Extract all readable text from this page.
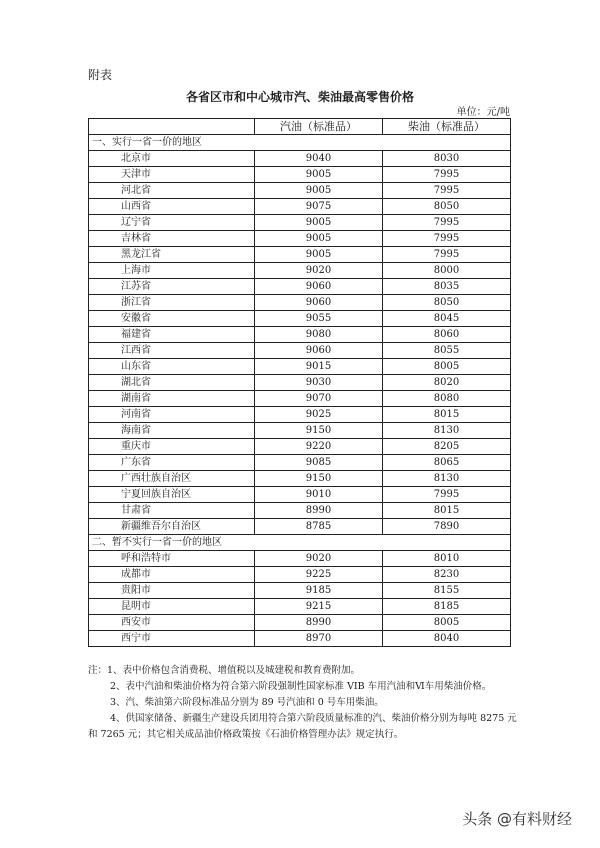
附表
各省区市和中心城市汽、柴油最高零售价格
单位：元/吨
	汽油（标准品）	柴油（标准品）
一、实行一省一价的地区		
北京市	9040	8030
天津市	9005	7995
河北省	9005	7995
山西省	9075	8050
辽宁省	9005	7995
吉林省	9005	7995
黑龙江省	9005	7995
上海市	9020	8000
江苏省	9060	8035
浙江省	9060	8050
安徽省	9055	8045
福建省	9080	8060
江西省	9060	8055
山东省	9015	8005
湖北省	9030	8020
湖南省	9070	8080
河南省	9025	8015
海南省	9150	8130
重庆市	9220	8205
广东省	9085	8065
广西壮族自治区	9150	8130
宁夏回族自治区	9010	7995
甘肃省	8990	8015
新疆维吾尔自治区	8785	7890
二、暂不实行一省一价的地区		
呼和浩特市	9020	8010
成都市	9225	8230
贵阳市	9185	8155
昆明市	9215	8185
西安市	8990	8005
西宁市	8970	8040

注：1、表中价格包含消费税、增值税以及城建税和教育费附加。

2、表中汽油和柴油价格为符合第六阶段强制性国家标准 VIB 车用汽油和Ⅵ车用柴油价格。

3、汽、柴油第六阶段标准品分别为 89 号汽油和 0 号车用柴油。

4、供国家储备、新疆生产建设兵团用符合第六阶段质量标准的汽、柴油价格分别为每吨 8275 元和 7265 元；其它相关成品油价格政策按《石油价格管理办法》规定执行。

头条 @有料财经
